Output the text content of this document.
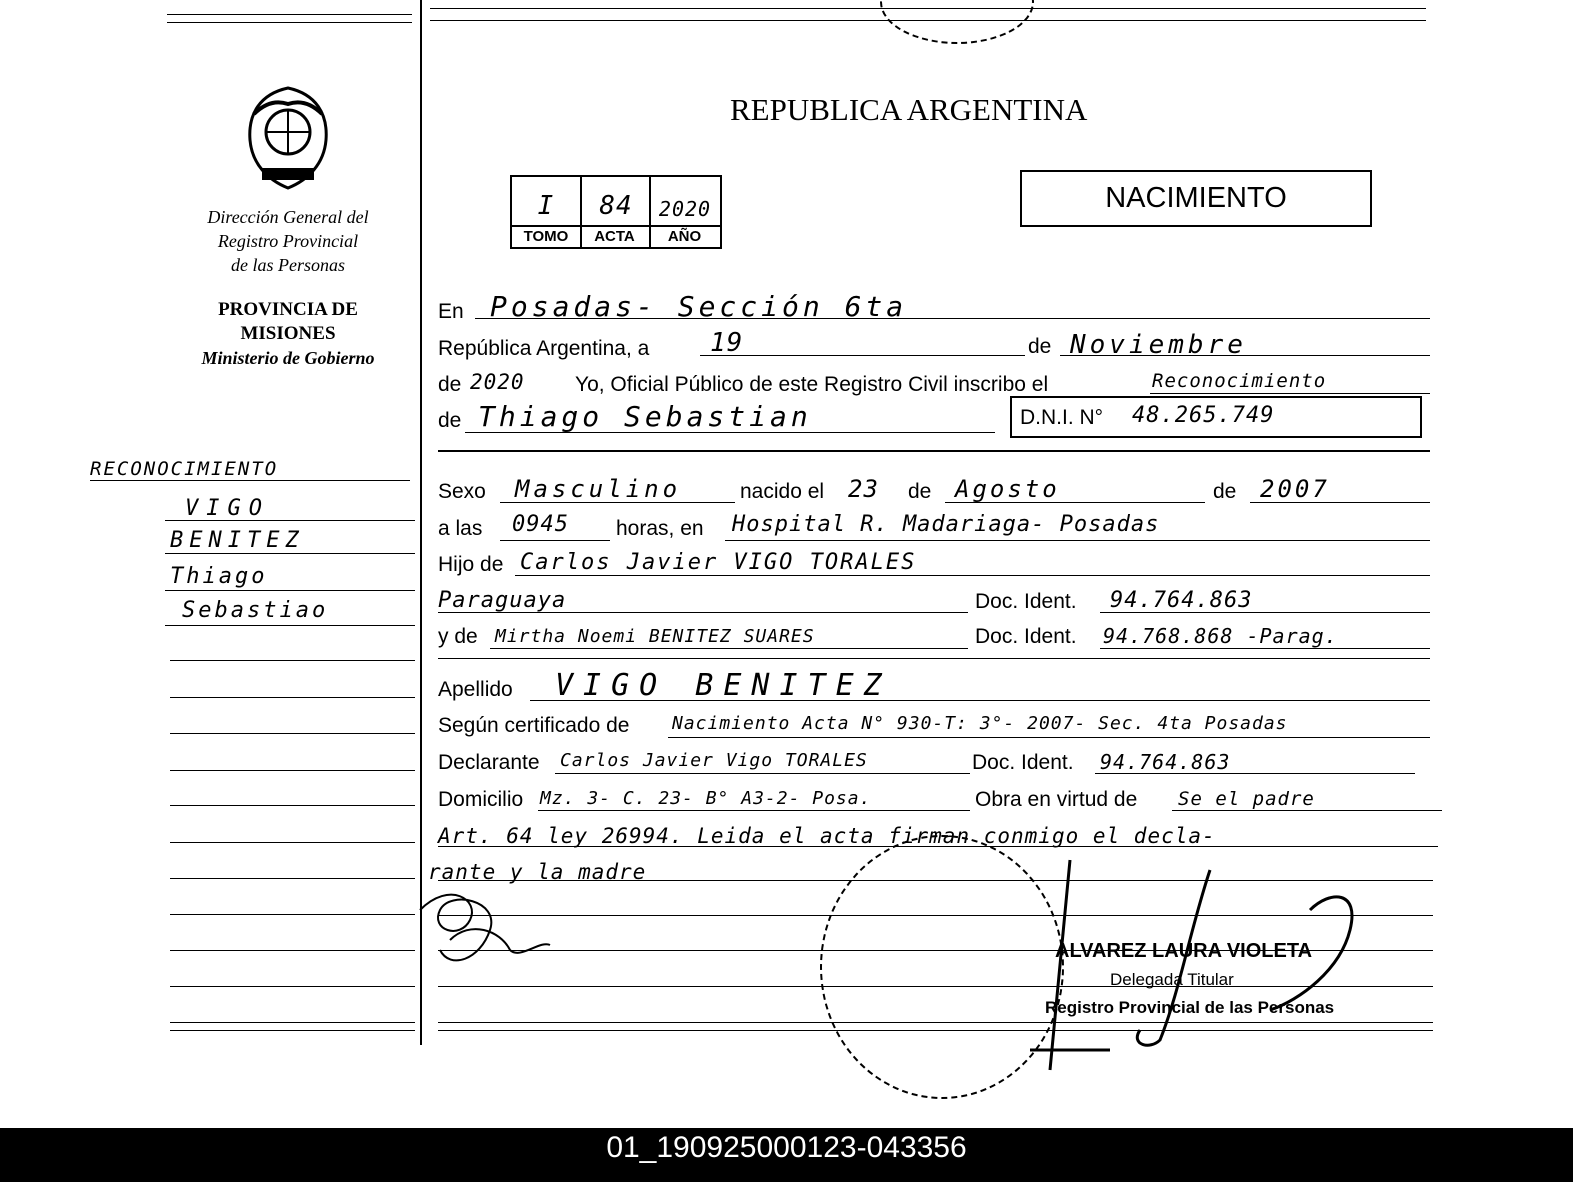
Dirección General del
Registro Provincial
de las Personas
PROVINCIA DE
MISIONES
Ministerio de Gobierno
RECONOCIMIENTO
VIGO
BENITEZ
Thiago
Sebastiao
REPUBLICA ARGENTINA
NACIMIENTO
I	84	2020
TOMO	ACTA	AÑO
En Posadas- Sección 6ta
República Argentina, a 19	de Noviembre
de 2020 Yo, Oficial Público de este Registro Civil inscribo el	Reconocimiento
de Thiago Sebastian	D.N.I. N° 48.265.749
Sexo Masculino	nacido el 23 de Agosto	de 2007
a las 0945 horas, en Hospital R. Madariaga- Posadas
Hijo de Carlos Javier VIGO TORALES
Paraguaya	Doc. Ident. 94.764.863
y de Mirtha Noemi BENITEZ SUARES	Doc. Ident. 94.768.868 -Parag.
Apellido VIGO BENITEZ
Según certificado de Nacimiento Acta N° 930-T: 3°- 2007- Sec. 4ta Posadas
Declarante Carlos Javier Vigo TORALES	Doc. Ident. 94.764.863
Domicilio Mz. 3- C. 23- B° A3-2- Posa.	Obra en virtud de Se el padre
Art. 64 ley 26994. Leida el acta firman conmigo el decla-
rante y la madre
ALVAREZ LAURA VIOLETA
Delegada Titular
Registro Provincial de las Personas
01_190925000123-043356
